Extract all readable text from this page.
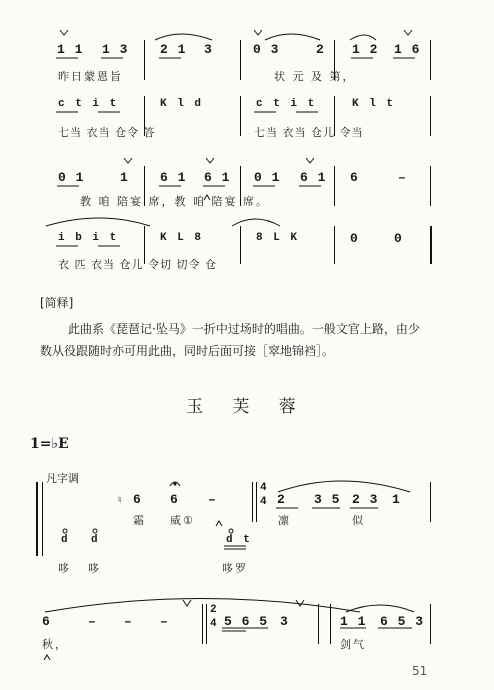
1 1 1 3 2 1 3	0 3	2 1 2 1 6
昨日蒙恩旨	状 元 及 第，
c t i t	K l d	c t i t	K l t
七当 衣当 仓令 答	七当 衣当 仓儿 令当
0 1	1 6 1 6 1 0 1 6 1 6	–
教 咱 陪宴 席，教 咱 陪宴 席。
i b i t	K L 8	8 L K	0	0
衣 匹 衣当 仓儿 令切 切令 仓
[简释]
此曲系《琵琶记·坠马》一折中过场时的唱曲。一般文官上路，由少
数从役跟随时亦可用此曲，同时后面可接［窣地锦裆］。
玉 芙 蓉
1=♭E
凡字调
♮ 6 6 –
4
4 2 3 5 2 3 1
霜 威①	凛	似
d d	d t
哆 哆	哆罗
6	– – –
2
4 5 6 5 3	1 1 6 5 3
秋，	剑气
51
